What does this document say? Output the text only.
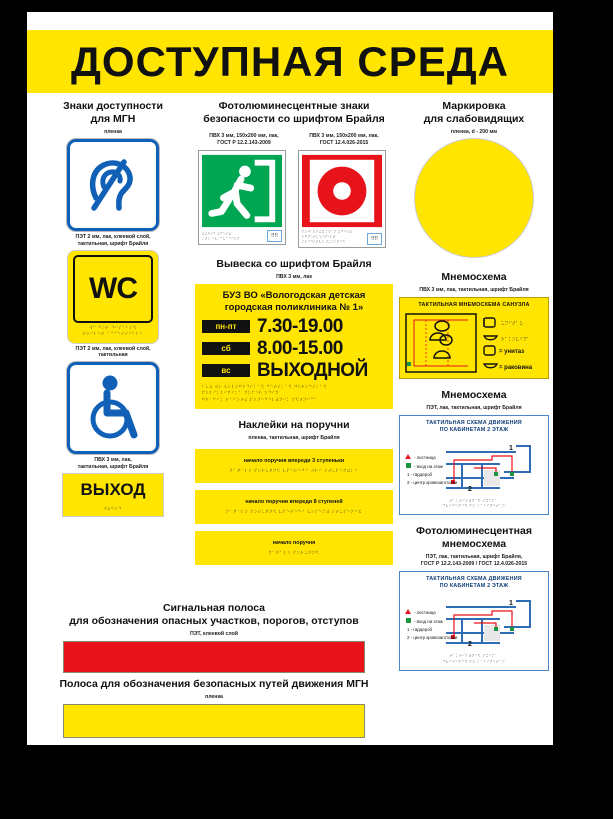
ДОСТУПНАЯ СРЕДА
Знаки доступности
для МГН
пленка
ПЭТ 2 мм, лак, клеевой слой,
тактильная, шрифт Брайля
WC
⠺⠉ ⠋⠕⠗ ⠙⠊⠎⠁⠃⠇⠫
⠞⠕⠊⠇⠑⠞ ⠁⠉⠉⠑⠎⠎⠊⠃⠇⠑
ПЭТ 2 мм, лак, клеевой слой,
тактильная
ПВХ 3 мм, лак,
тактильная, шрифт Брайля
ВЫХОД
⠺⠮⠓⠕⠙
Фотолюминесцентные знаки
безопасности со шрифтом Брайля
ПВХ 3 мм, 150х200 мм, лак,
ГОСТ Р 12.2.143-2009
⠺⠮⠓⠕⠙ ⠵⠙⠑⠎⠾
⠌⠞⠕ ⠑⠧⠁⠉⠥⠁⠉⠊⠕⠝	⠿⠿
ПВХ 3 мм, 150х200 мм, лак,
ГОСТ 12.4.026-2015
⠏⠕⠚⠁⠗⠝⠮⠯ ⠅⠗⠁⠝ ⠵⠙⠑⠎⠾
⠕⠛⠝⠑⠞⠥⠱⠊⠞⠑⠇⠾
⠎⠗⠑⠙⠎⠞⠧⠕ ⠞⠥⠱⠑⠝⠊⠫	⠿⠿
Вывеска со шрифтом Брайля
ПВХ 3 мм, лак
БУЗ ВО «Вологодская детская
городская поликлиника № 1»
пн-пт	7.30-19.00
сб	8.00-15.00
вс	ВЫХОДНОЙ
⠃⠥⠵ ⠺⠕ ⠧⠕⠇⠕⠛⠕⠙⠎⠅⠁⠫ ⠙⠑⠞⠎⠅⠁⠫ ⠛⠕⠗⠕⠙⠎⠅⠁⠫
⠏⠕⠇⠊⠅⠇⠊⠝⠊⠅⠁ ⠝⠕⠍⠑⠗ ⠕⠙⠊⠝
⠛⠗⠁⠋⠊⠅ ⠗⠁⠃⠕⠞⠮ ⠏⠕⠝⠑⠙⠑⠇⠾⠝⠊⠅ ⠏⠫⠞⠝⠊⠉⠁
Наклейки на поручни
пленка, тактильная, шрифт Брайля
начало поручня впереди 3 ступеньки
⠝⠁⠟⠁⠇⠕ ⠏⠕⠗⠥⠟⠝⠫ ⠧⠏⠑⠗⠑⠙⠊ ⠞⠗⠊ ⠎⠞⠥⠏⠑⠝⠾⠅⠊
начало поручня впереди 8 ступеней
⠝⠁⠟⠁⠇⠕ ⠏⠕⠗⠥⠟⠝⠫ ⠧⠏⠑⠗⠑⠙⠊ ⠧⠕⠎⠑⠍⠾ ⠎⠞⠥⠏⠑⠝⠑⠯
начало поручня
⠝⠁⠟⠁⠇⠕ ⠏⠕⠗⠥⠟⠝⠫
Маркировка
для слабовидящих
пленка, d - 200 мм
Мнемосхема
ПВХ 3 мм, лак, тактильная, шрифт Брайля
ТАКТИЛЬНАЯ МНЕМОСХЕМА САНУЗЛА
⠥⠝⠊⠞⠁⠵
⠗⠁⠅⠕⠧⠊⠝⠁
= унитаз
= раковина
Мнемосхема
ПЭТ, лак, тактильная, шрифт Брайля
ТАКТИЛЬНАЯ СХЕМА ДВИЖЕНИЯ
ПО КАБИНЕТАМ 2 ЭТАЖ
1
2
- лестница
- вход на этаж
1 - гардероб
2 - центр кровезаготовки
⠞⠁⠅⠞⠊⠇⠾⠝⠁⠫ ⠎⠭⠑⠍⠁
⠙⠧⠊⠚⠑⠝⠊⠫ ⠏⠕ ⠅⠁⠃⠊⠝⠑⠞⠁⠍
Фотолюминесцентная
мнемосхема
ПЭТ, лак, тактильная, шрифт Брайля,
ГОСТ Р 12.2.143-2009 / ГОСТ 12.4.026-2015
ТАКТИЛЬНАЯ СХЕМА ДВИЖЕНИЯ
ПО КАБИНЕТАМ 2 ЭТАЖ
1
2
- лестница
- вход на этаж
1 - гардероб
2 - центр кровезаготовки
⠞⠁⠅⠞⠊⠇⠾⠝⠁⠫ ⠎⠭⠑⠍⠁
⠙⠧⠊⠚⠑⠝⠊⠫ ⠏⠕ ⠅⠁⠃⠊⠝⠑⠞⠁⠍
Сигнальная полоса
для обозначения опасных участков, порогов, отступов
ПЭТ, клеевой слой
Полоса для обозначения безопасных путей движения МГН
пленка
